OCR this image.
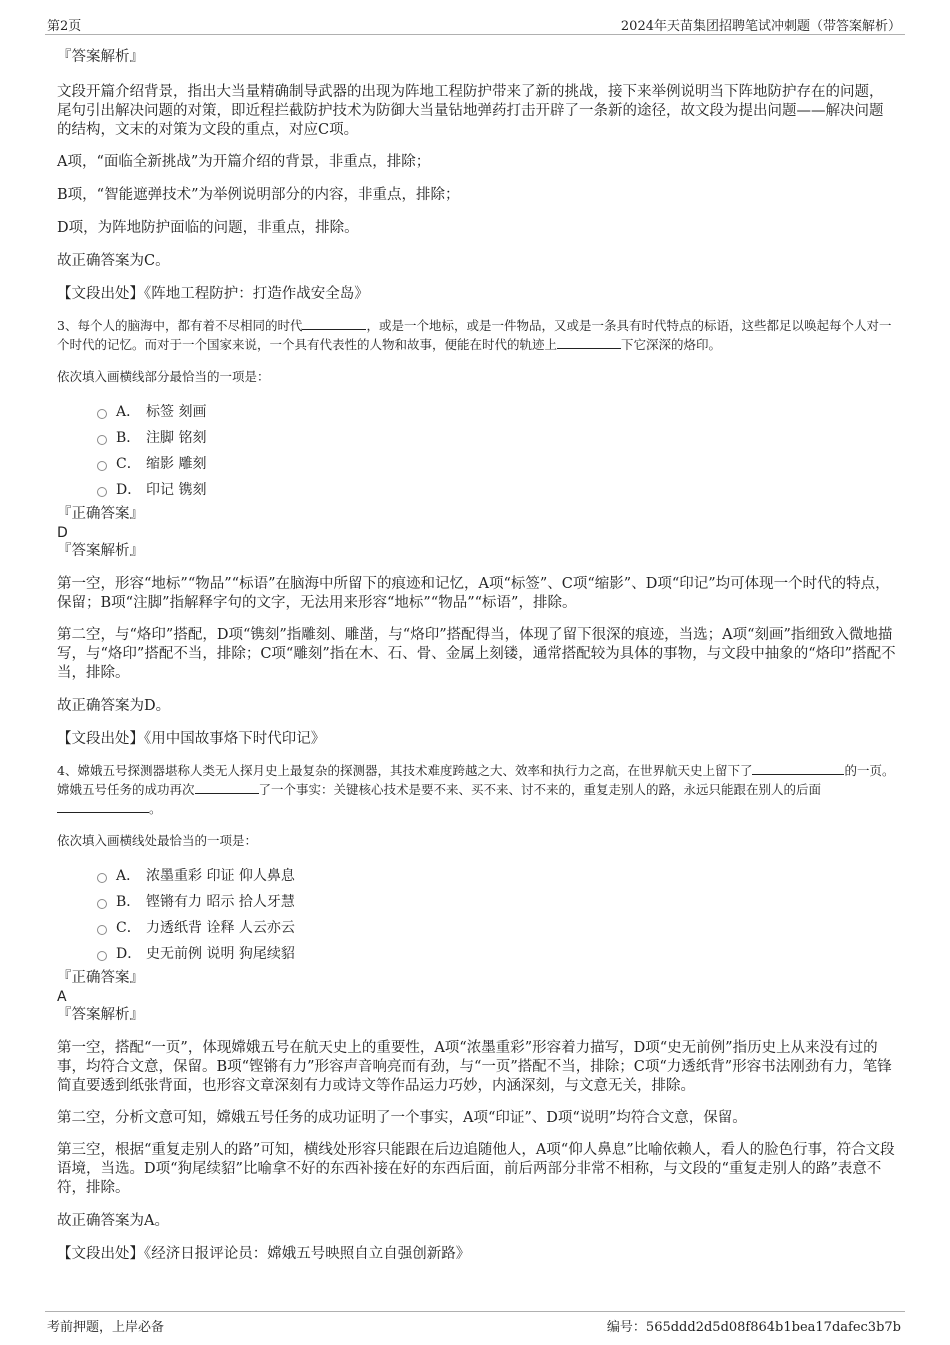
第2页	2024年天苗集团招聘笔试冲刺题（带答案解析）

『答案解析』

文段开篇介绍背景，指出大当量精确制导武器的出现为阵地工程防护带来了新的挑战，接下来举例说明当下阵地防护存在的问题，尾句引出解决问题的对策，即近程拦截防护技术为防御大当量钻地弹药打击开辟了一条新的途径，故文段为提出问题——解决问题的结构，文末的对策为文段的重点，对应C项。

A项，“面临全新挑战”为开篇介绍的背景，非重点，排除；

B项，“智能遮弹技术”为举例说明部分的内容，非重点，排除；

D项，为阵地防护面临的问题，非重点，排除。

故正确答案为C。

【文段出处】《阵地工程防护：打造作战安全岛》

3、每个人的脑海中，都有着不尽相同的时代	，或是一个地标，或是一件物品，又或是一条具有时代特点的标语，这些都足以唤起每个人对一个时代的记忆。而对于一个国家来说，一个具有代表性的人物和故事，便能在时代的轨迹上	下它深深的烙印。

依次填入画横线部分最恰当的一项是：

A． 标签 刻画
B． 注脚 铭刻
C． 缩影 雕刻
D． 印记 镌刻

『正确答案』

D

『答案解析』

第一空，形容“地标”“物品”“标语”在脑海中所留下的痕迹和记忆，A项“标签”、C项“缩影”、D项“印记”均可体现一个时代的特点，保留；B项“注脚”指解释字句的文字，无法用来形容“地标”“物品”“标语”，排除。

第二空，与“烙印”搭配，D项“镌刻”指雕刻、雕凿，与“烙印”搭配得当，体现了留下很深的痕迹，当选；A项“刻画”指细致入微地描写，与“烙印”搭配不当，排除；C项“雕刻”指在木、石、骨、金属上刻镂，通常搭配较为具体的事物，与文段中抽象的“烙印”搭配不当，排除。

故正确答案为D。

【文段出处】《用中国故事烙下时代印记》

4、嫦娥五号探测器堪称人类无人探月史上最复杂的探测器，其技术难度跨越之大、效率和执行力之高，在世界航天史上留下了	的一页。嫦娥五号任务的成功再次	了一个事实：关键核心技术是要不来、买不来、讨不来的，重复走别人的路，永远只能跟在别人的后面。

依次填入画横线处最恰当的一项是：

A． 浓墨重彩 印证 仰人鼻息
B． 铿锵有力 昭示 拾人牙慧
C． 力透纸背 诠释 人云亦云
D． 史无前例 说明 狗尾续貂

『正确答案』

A

『答案解析』

第一空，搭配“一页”，体现嫦娥五号在航天史上的重要性，A项“浓墨重彩”形容着力描写，D项“史无前例”指历史上从来没有过的事，均符合文意，保留。B项“铿锵有力”形容声音响亮而有劲，与“一页”搭配不当，排除；C项“力透纸背”形容书法刚劲有力，笔锋简直要透到纸张背面，也形容文章深刻有力或诗文等作品运力巧妙，内涵深刻，与文意无关，排除。

第二空，分析文意可知，嫦娥五号任务的成功证明了一个事实，A项“印证”、D项“说明”均符合文意，保留。

第三空，根据“重复走别人的路”可知，横线处形容只能跟在后边追随他人，A项“仰人鼻息”比喻依赖人，看人的脸色行事，符合文段语境，当选。D项“狗尾续貂”比喻拿不好的东西补接在好的东西后面，前后两部分非常不相称，与文段的“重复走别人的路”表意不符，排除。

故正确答案为A。

【文段出处】《经济日报评论员：嫦娥五号映照自立自强创新路》

考前押题，上岸必备	编号：565ddd2d5d08f864b1bea17dafec3b7b
